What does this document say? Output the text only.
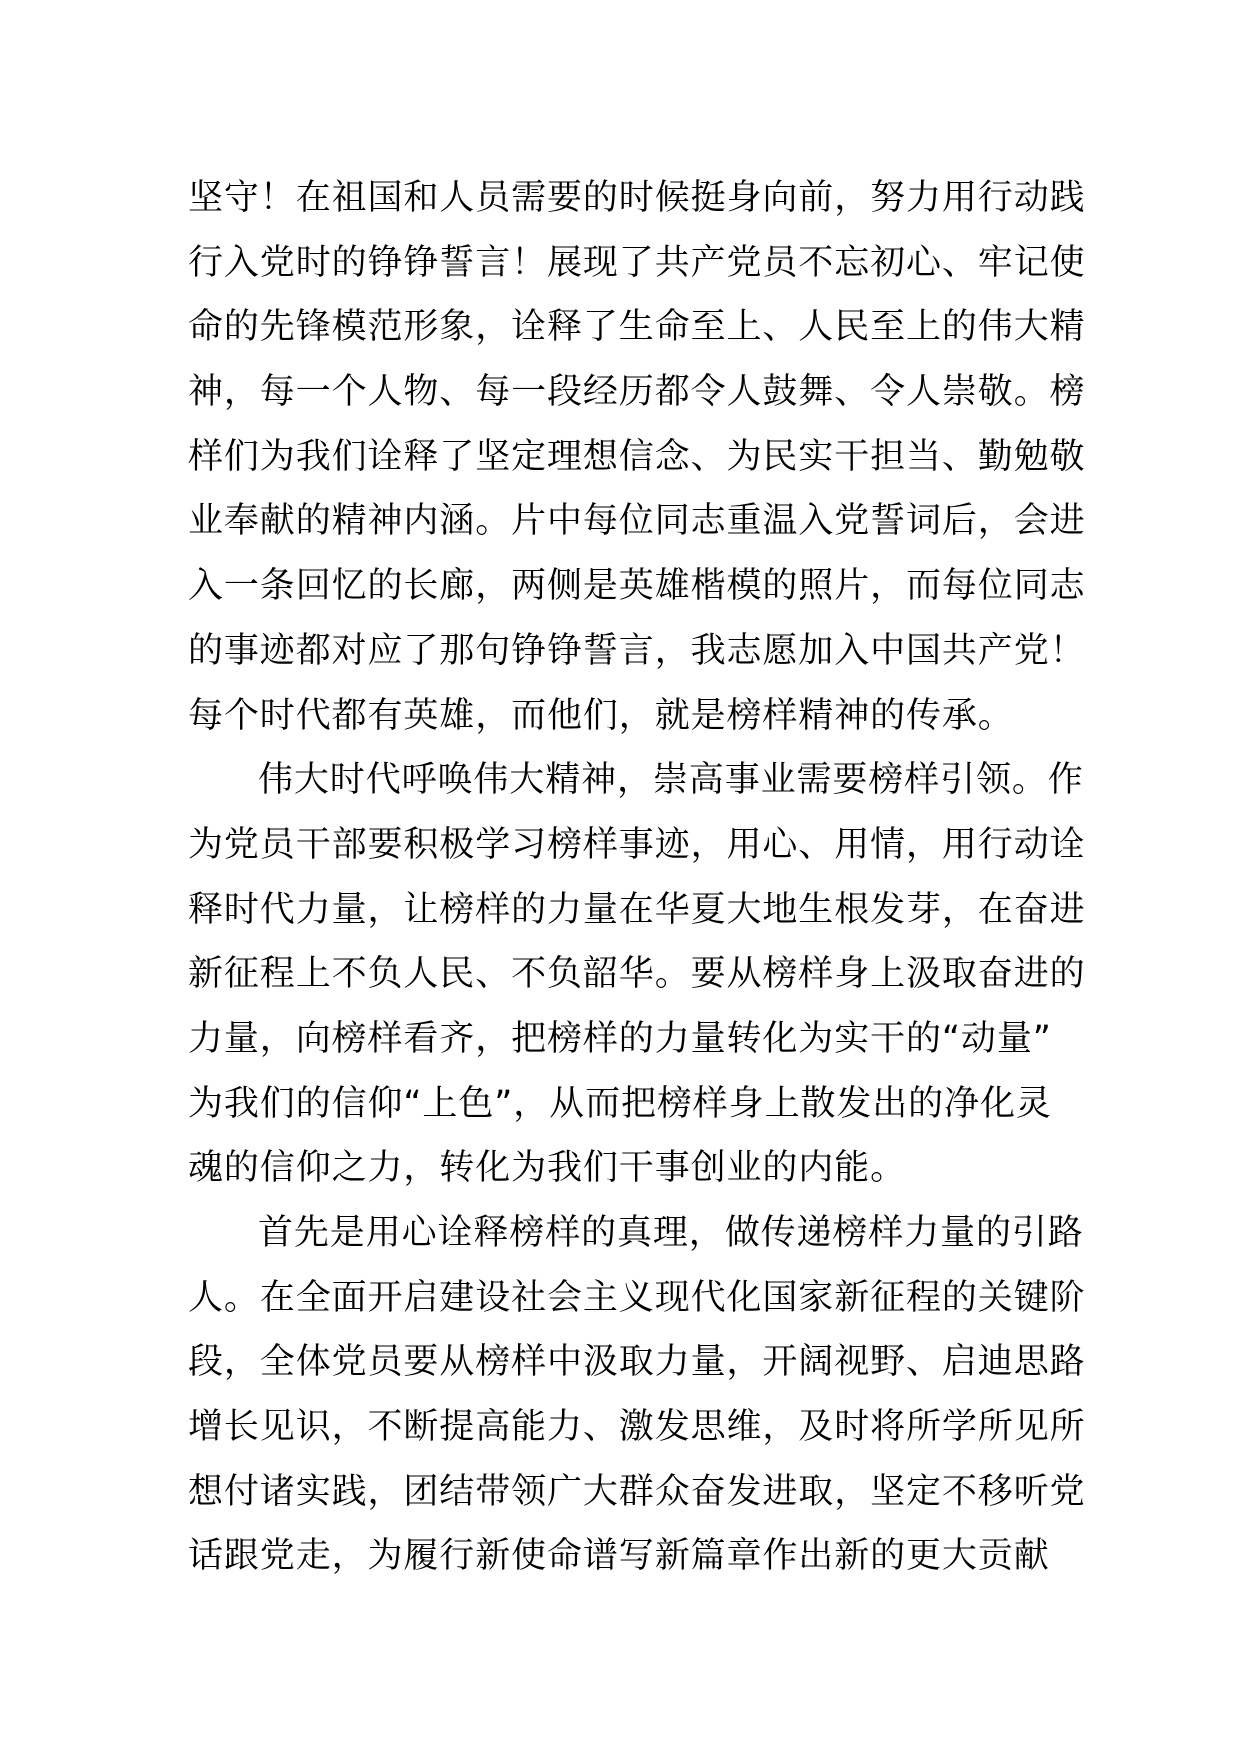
坚守！在祖国和人员需要的时候挺身向前，努力用行动践
行入党时的铮铮誓言！展现了共产党员不忘初心、牢记使
命的先锋模范形象，诠释了生命至上、人民至上的伟大精
神，每一个人物、每一段经历都令人鼓舞、令人崇敬。榜
样们为我们诠释了坚定理想信念、为民实干担当、勤勉敬
业奉献的精神内涵。片中每位同志重温入党誓词后，会进
入一条回忆的长廊，两侧是英雄楷模的照片，而每位同志
的事迹都对应了那句铮铮誓言，我志愿加入中国共产党！
每个时代都有英雄，而他们，就是榜样精神的传承。
伟大时代呼唤伟大精神，崇高事业需要榜样引领。作
为党员干部要积极学习榜样事迹，用心、用情，用行动诠
释时代力量，让榜样的力量在华夏大地生根发芽，在奋进
新征程上不负人民、不负韶华。要从榜样身上汲取奋进的
力量，向榜样看齐，把榜样的力量转化为实干的“动量”
为我们的信仰“上色”，从而把榜样身上散发出的净化灵
魂的信仰之力，转化为我们干事创业的内能。
首先是用心诠释榜样的真理，做传递榜样力量的引路
人。在全面开启建设社会主义现代化国家新征程的关键阶
段，全体党员要从榜样中汲取力量，开阔视野、启迪思路
增长见识，不断提高能力、激发思维，及时将所学所见所
想付诸实践，团结带领广大群众奋发进取，坚定不移听党
话跟党走，为履行新使命谱写新篇章作出新的更大贡献
